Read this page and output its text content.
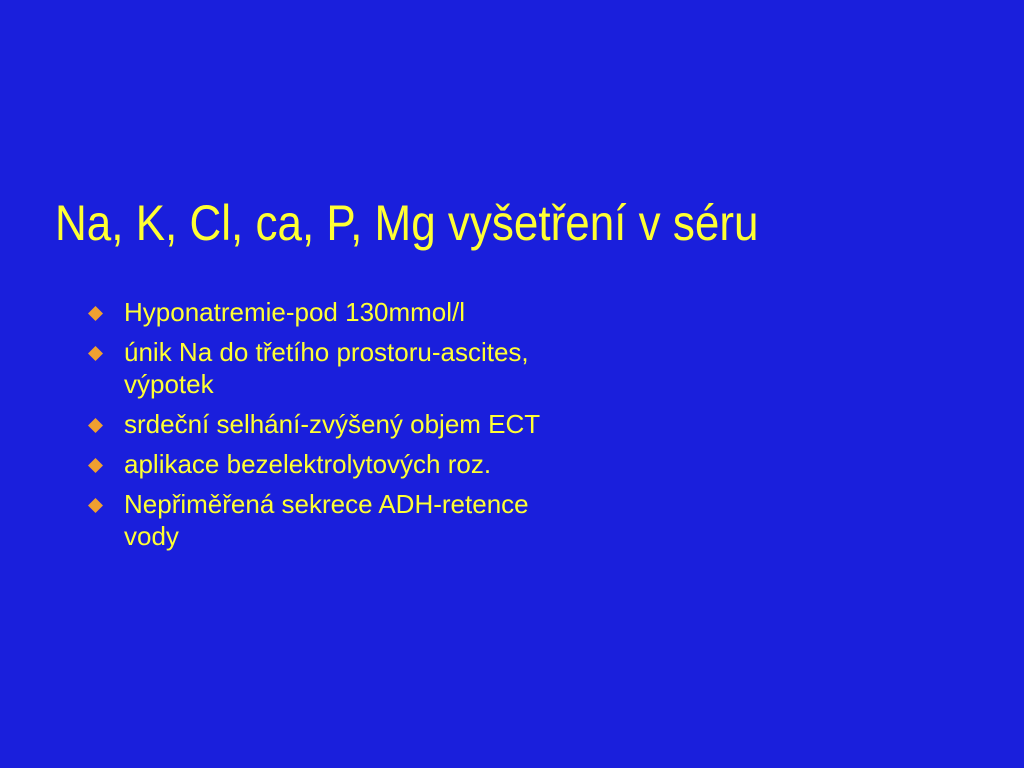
Na, K, Cl, ca, P, Mg vyšetření v séru
Hyponatremie-pod 130mmol/l
únik Na do třetího prostoru-ascites, výpotek
srdeční selhání-zvýšený objem ECT
aplikace bezelektrolytových roz.
Nepřiměřená sekrece ADH-retence vody
